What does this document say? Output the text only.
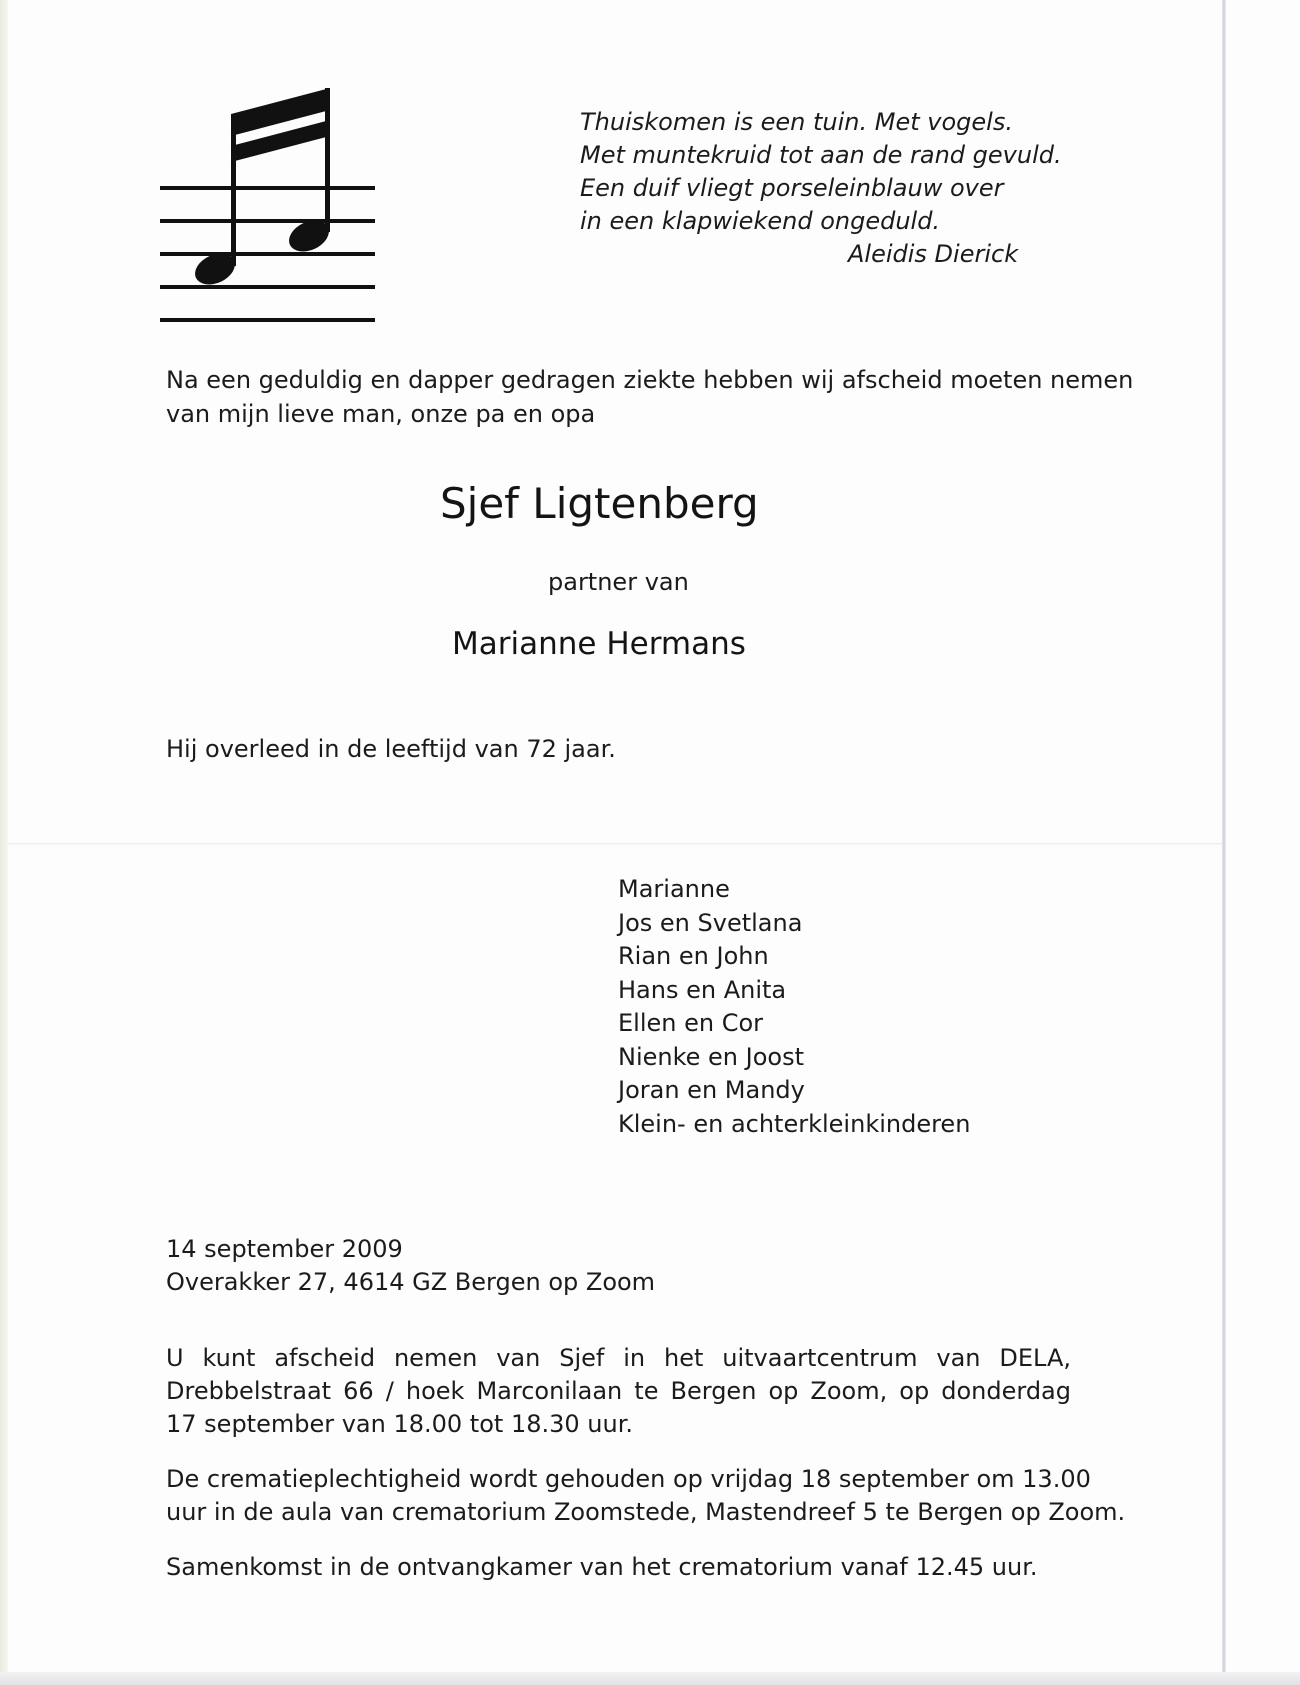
Thuiskomen is een tuin. Met vogels.
Met muntekruid tot aan de rand gevuld.
Een duif vliegt porseleinblauw over
in een klapwiekend ongeduld.
Aleidis Dierick
Na een geduldig en dapper gedragen ziekte hebben wij afscheid moeten nemen
van mijn lieve man, onze pa en opa
Sjef Ligtenberg
partner van
Marianne Hermans
Hij overleed in de leeftijd van 72 jaar.
Marianne
Jos en Svetlana
Rian en John
Hans en Anita
Ellen en Cor
Nienke en Joost
Joran en Mandy
Klein- en achterkleinkinderen
14 september 2009
Overakker 27, 4614 GZ Bergen op Zoom
U kunt afscheid nemen van Sjef in het uitvaartcentrum van DELA,
Drebbelstraat 66 / hoek Marconilaan te Bergen op Zoom, op donderdag
17 september van 18.00 tot 18.30 uur.
De crematieplechtigheid wordt gehouden op vrijdag 18 september om 13.00
uur in de aula van crematorium Zoomstede, Mastendreef 5 te Bergen op Zoom.
Samenkomst in de ontvangkamer van het crematorium vanaf 12.45 uur.
